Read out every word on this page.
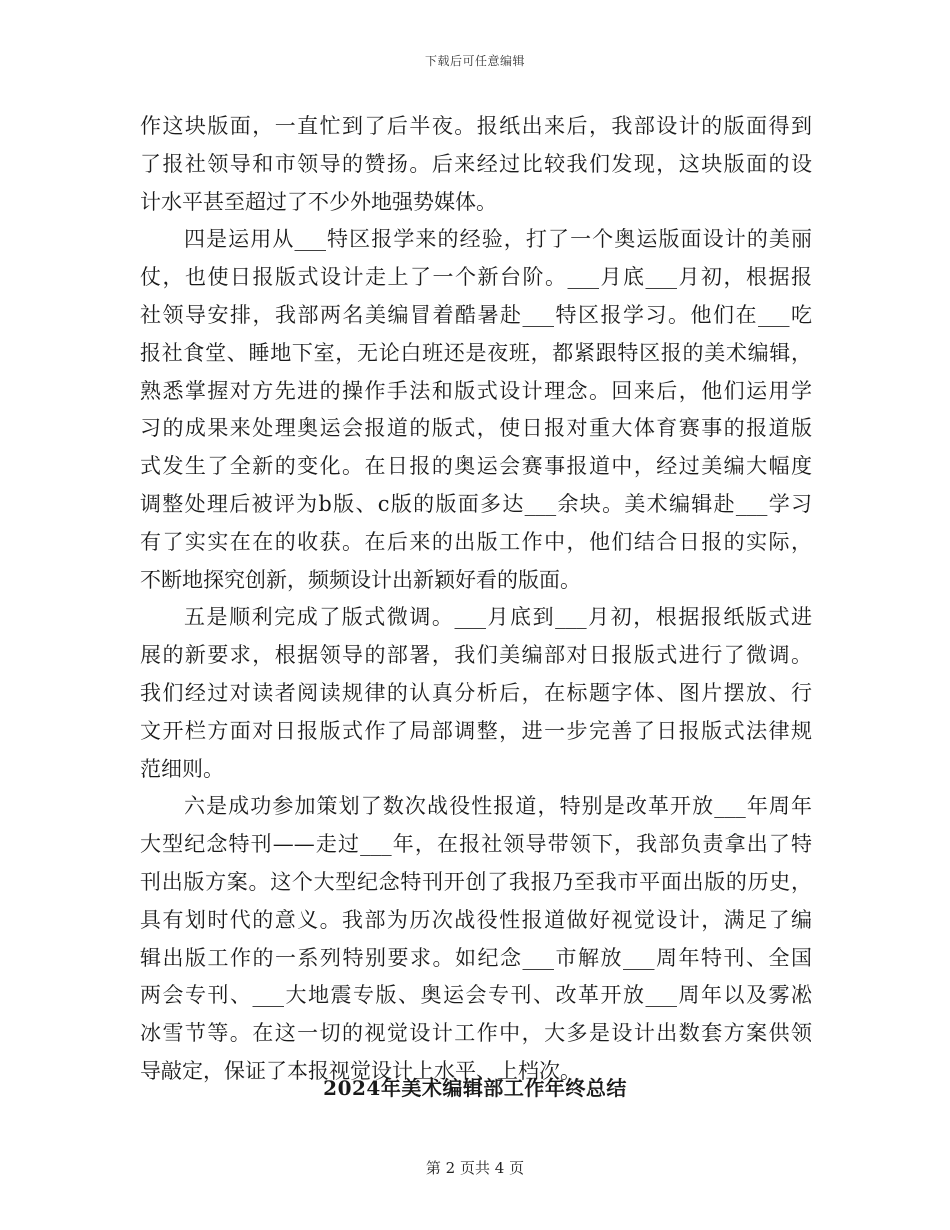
下载后可任意编辑
作这块版面，一直忙到了后半夜。报纸出来后，我部设计的版面得到
了报社领导和市领导的赞扬。后来经过比较我们发现，这块版面的设
计水平甚至超过了不少外地强势媒体。
四是运用从___特区报学来的经验，打了一个奥运版面设计的美丽
仗，也使日报版式设计走上了一个新台阶。___月底___月初，根据报
社领导安排，我部两名美编冒着酷暑赴___特区报学习。他们在___吃
报社食堂、睡地下室，无论白班还是夜班，都紧跟特区报的美术编辑，
熟悉掌握对方先进的操作手法和版式设计理念。回来后，他们运用学
习的成果来处理奥运会报道的版式，使日报对重大体育赛事的报道版
式发生了全新的变化。在日报的奥运会赛事报道中，经过美编大幅度
调整处理后被评为b版、c版的版面多达___余块。美术编辑赴___学习
有了实实在在的收获。在后来的出版工作中，他们结合日报的实际，
不断地探究创新，频频设计出新颖好看的版面。
五是顺利完成了版式微调。___月底到___月初，根据报纸版式进
展的新要求，根据领导的部署，我们美编部对日报版式进行了微调。
我们经过对读者阅读规律的认真分析后，在标题字体、图片摆放、行
文开栏方面对日报版式作了局部调整，进一步完善了日报版式法律规
范细则。
六是成功参加策划了数次战役性报道，特别是改革开放___年周年
大型纪念特刊——走过___年，在报社领导带领下，我部负责拿出了特
刊出版方案。这个大型纪念特刊开创了我报乃至我市平面出版的历史，
具有划时代的意义。我部为历次战役性报道做好视觉设计，满足了编
辑出版工作的一系列特别要求。如纪念___市解放___周年特刊、全国
两会专刊、___大地震专版、奥运会专刊、改革开放___周年以及雾凇
冰雪节等。在这一切的视觉设计工作中，大多是设计出数套方案供领
导敲定，保证了本报视觉设计上水平、上档次。
2024年美术编辑部工作年终总结
第 2 页共 4 页
